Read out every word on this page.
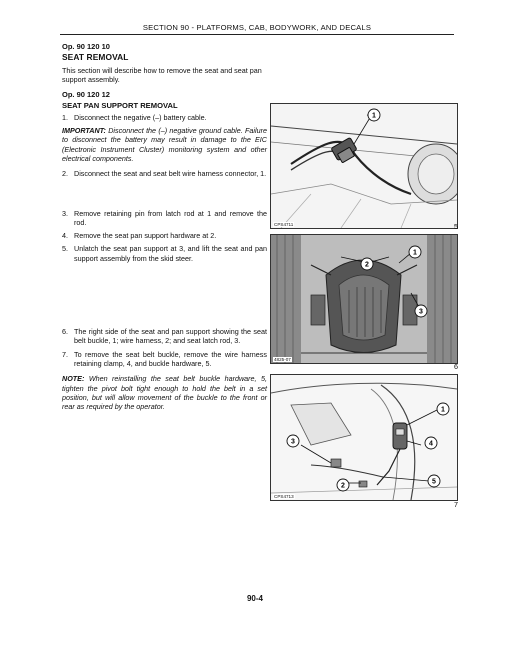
SECTION 90 - PLATFORMS, CAB, BODYWORK, AND DECALS
Op. 90 120 10
SEAT REMOVAL
This section will describe how to remove the seat and seat pan support assembly.
Op. 90 120 12
SEAT PAN SUPPORT REMOVAL
1. Disconnect the negative (–) battery cable.
IMPORTANT: Disconnect the (–) negative ground cable. Failure to disconnect the battery may result in damage to the EIC (Electronic Instrument Cluster) monitoring system and other electrical components.
2. Disconnect the seat and seat belt wire harness connector, 1.
3. Remove retaining pin from latch rod at 1 and remove the rod.
4. Remove the seat pan support hardware at 2.
5. Unlatch the seat pan support at 3, and lift the seat and pan support assembly from the skid steer.
6. The right side of the seat and pan support showing the seat belt buckle, 1; wire harness, 2; and seat latch rod, 3.
7. To remove the seat belt buckle, remove the wire harness retaining clamp, 4, and buckle hardware, 5.
NOTE: When reinstalling the seat belt buckle hardware, 5, tighten the pivot bolt tight enough to hold the belt in a set position, but will allow movement of the buckle to the front or rear as required by the operator.
1
CPS4711	5
2
1
3
4825-07
6
1
3	4
2
5
CPS4713
7
90-4
